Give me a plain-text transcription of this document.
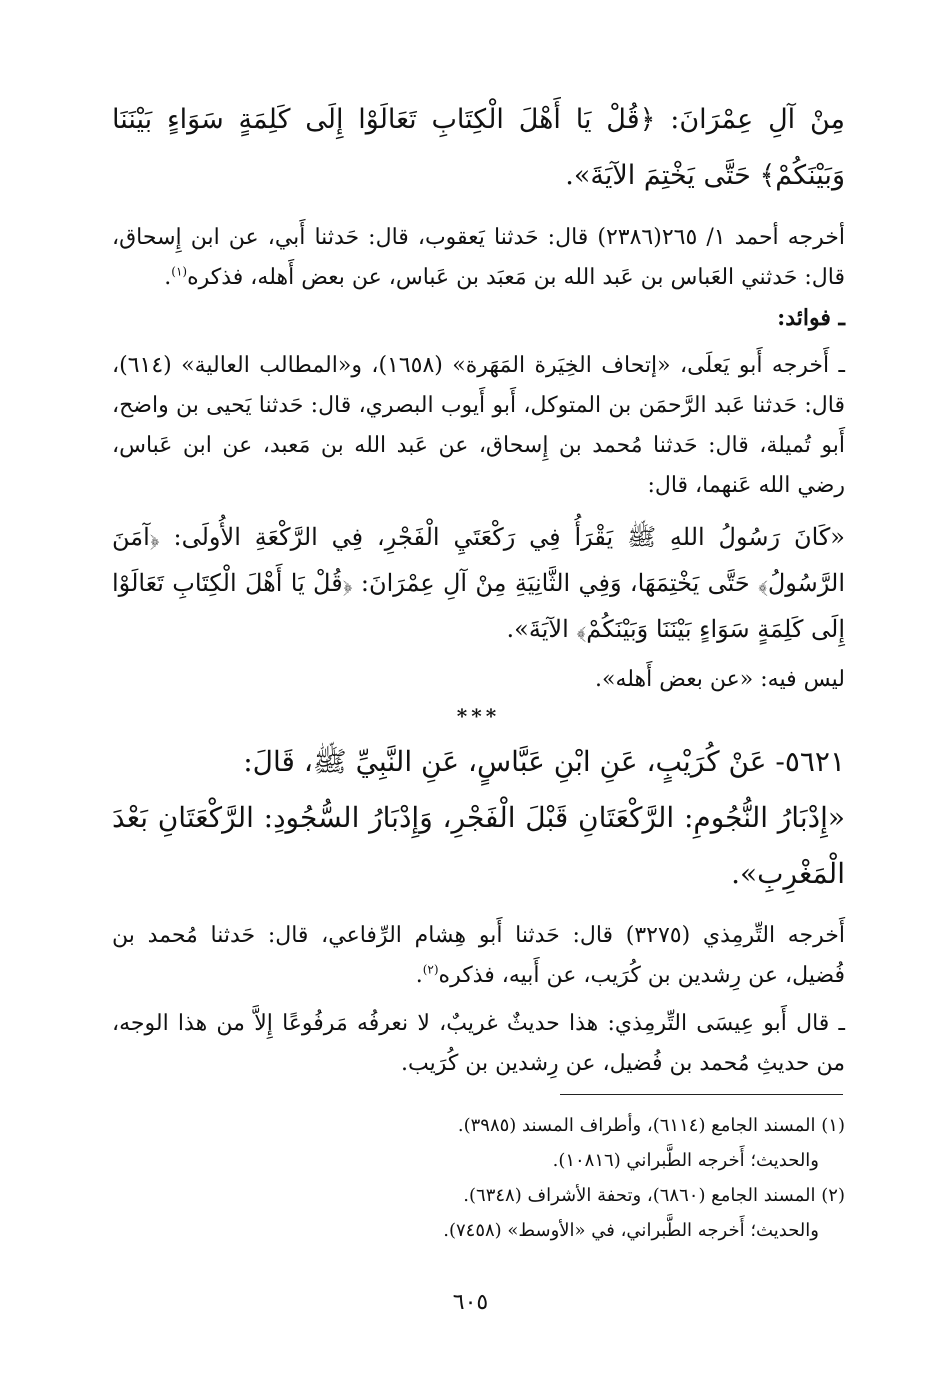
مِنْ آلِ عِمْرَانَ: ﴿قُلْ يَا أَهْلَ الْكِتَابِ تَعَالَوْا إِلَى كَلِمَةٍ سَوَاءٍ بَيْنَنَا وَبَيْنَكُمْ﴾ حَتَّى يَخْتِمَ الآيَةَ».

أخرجه أحمد ١/ ٢٦٥(٢٣٨٦) قال: حَدثنا يَعقوب، قال: حَدثنا أَبي، عن ابن إِسحاق، قال: حَدثني العَباس بن عَبد الله بن مَعبَد بن عَباس، عن بعض أَهله، فذكره$^{(١)}$.

ـ فوائد:

ـ أَخرجه أَبو يَعلَى، «إتحاف الخِيَرة المَهَرة» (١٦٥٨)، و«المطالب العالية» (٦١٤)، قال: حَدثنا عَبد الرَّحمَن بن المتوكل، أَبو أَيوب البصري، قال: حَدثنا يَحيى بن واضح، أَبو تُميلة، قال: حَدثنا مُحمد بن إِسحاق، عن عَبد الله بن مَعبد، عن ابن عَباس، رضي الله عَنهما، قال:

«كَانَ رَسُولُ اللهِ ﷺ يَقْرَأُ فِي رَكْعَتَيِ الْفَجْرِ، فِي الرَّكْعَةِ الأُولَى: ﴿آمَنَ الرَّسُولُ﴾ حَتَّى يَخْتِمَهَا، وَفِي الثَّانِيَةِ مِنْ آلِ عِمْرَانَ: ﴿قُلْ يَا أَهْلَ الْكِتَابِ تَعَالَوْا إِلَى كَلِمَةٍ سَوَاءٍ بَيْنَنَا وَبَيْنَكُمْ﴾ الآيَةَ».

ليس فيه: «عن بعض أَهله».

***

٥٦٢١- عَنْ كُرَيْبٍ، عَنِ ابْنِ عَبَّاسٍ، عَنِ النَّبِيِّ ﷺ، قَالَ:

«إِدْبَارُ النُّجُومِ: الرَّكْعَتَانِ قَبْلَ الْفَجْرِ، وَإِدْبَارُ السُّجُودِ: الرَّكْعَتَانِ بَعْدَ الْمَغْرِبِ».

أَخرجه التِّرمِذي (٣٢٧٥) قال: حَدثنا أَبو هِشام الرِّفاعي، قال: حَدثنا مُحمد بن فُضيل، عن رِشدين بن كُرَيب، عن أَبيه، فذكره$^{(٢)}$.

ـ قال أَبو عِيسَى التِّرمِذي: هذا حديثٌ غريبٌ، لا نعرفُه مَرفُوعًا إِلاَّ من هذا الوجه، من حديثِ مُحمد بن فُضيل، عن رِشدين بن كُرَيب.

(١) المسند الجامع (٦١١٤)، وأطراف المسند (٣٩٨٥).
والحديث؛ أَخرجه الطَّبراني (١٠٨١٦).
(٢) المسند الجامع (٦٨٦٠)، وتحفة الأشراف (٦٣٤٨).
والحديث؛ أَخرجه الطَّبراني، في «الأوسط» (٧٤٥٨).
٦٠٥
